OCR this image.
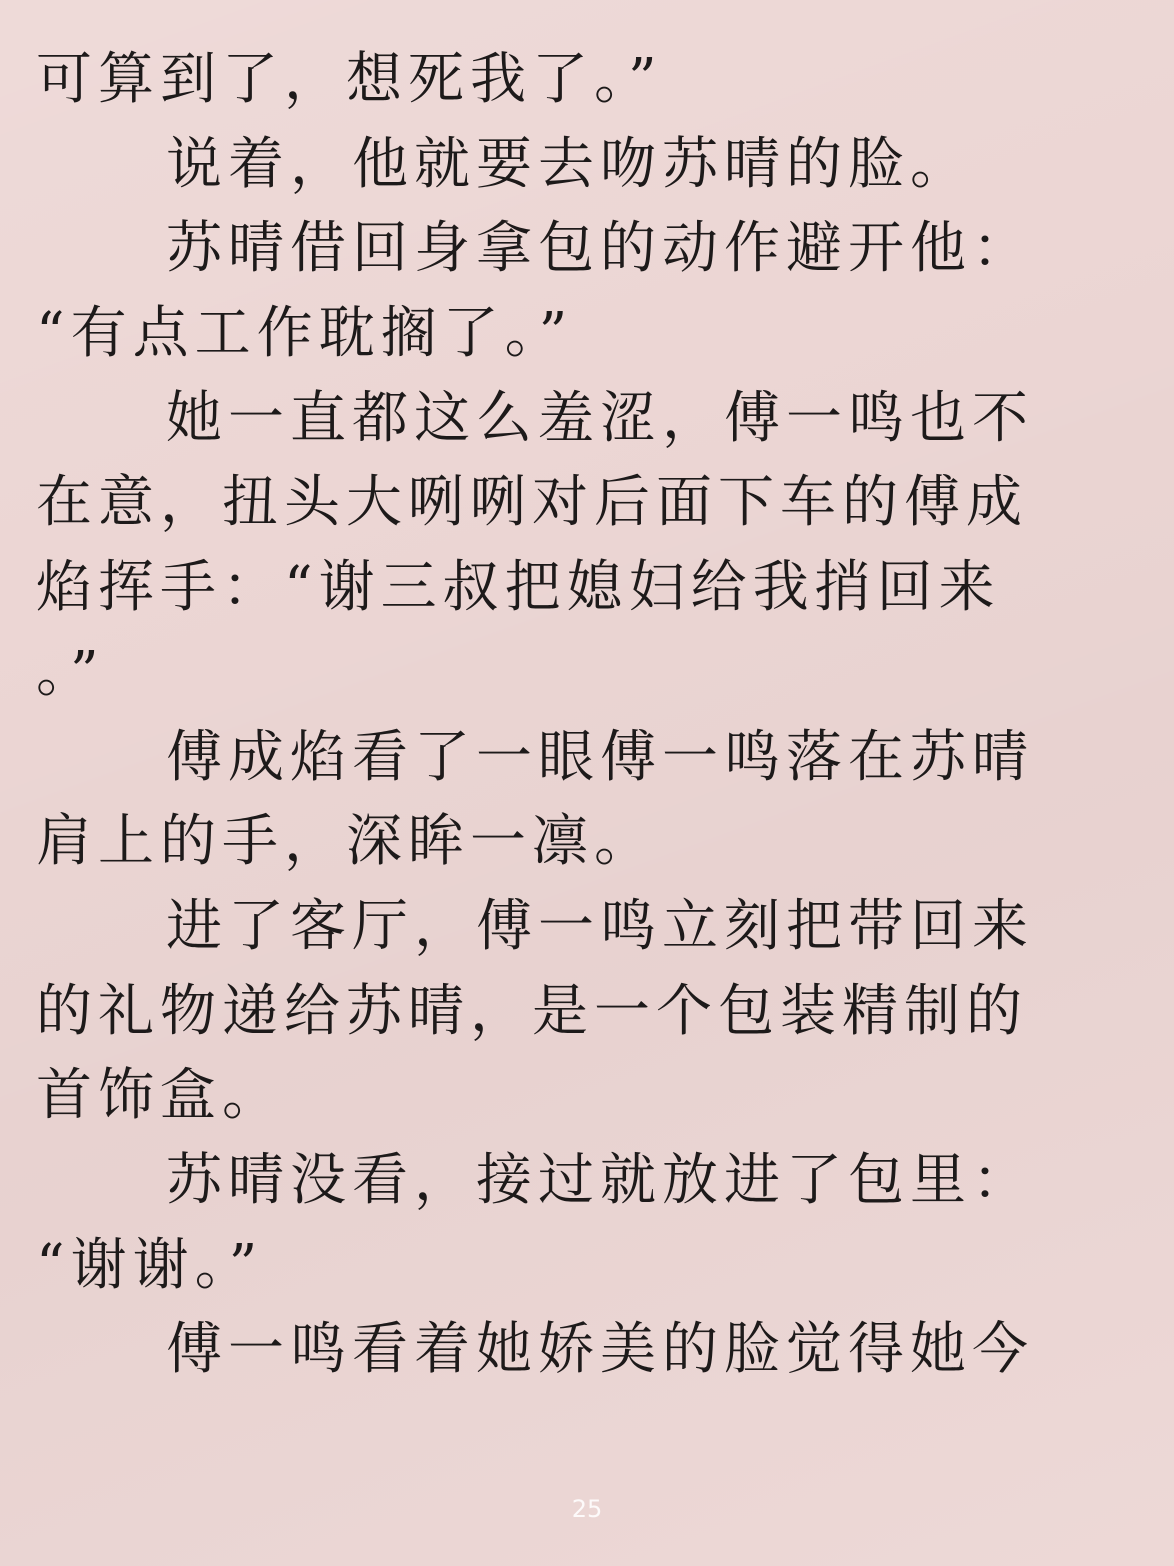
可算到了，想死我了。”
说着，他就要去吻苏晴的脸。
苏晴借回身拿包的动作避开他：
“有点工作耽搁了。”
她一直都这么羞涩，傅一鸣也不
在意，扭头大咧咧对后面下车的傅成
焰挥手：“谢三叔把媳妇给我捎回来
。”
傅成焰看了一眼傅一鸣落在苏晴
肩上的手，深眸一凛。
进了客厅，傅一鸣立刻把带回来
的礼物递给苏晴，是一个包装精制的
首饰盒。
苏晴没看，接过就放进了包里：
“谢谢。”
傅一鸣看着她娇美的脸觉得她今
25
